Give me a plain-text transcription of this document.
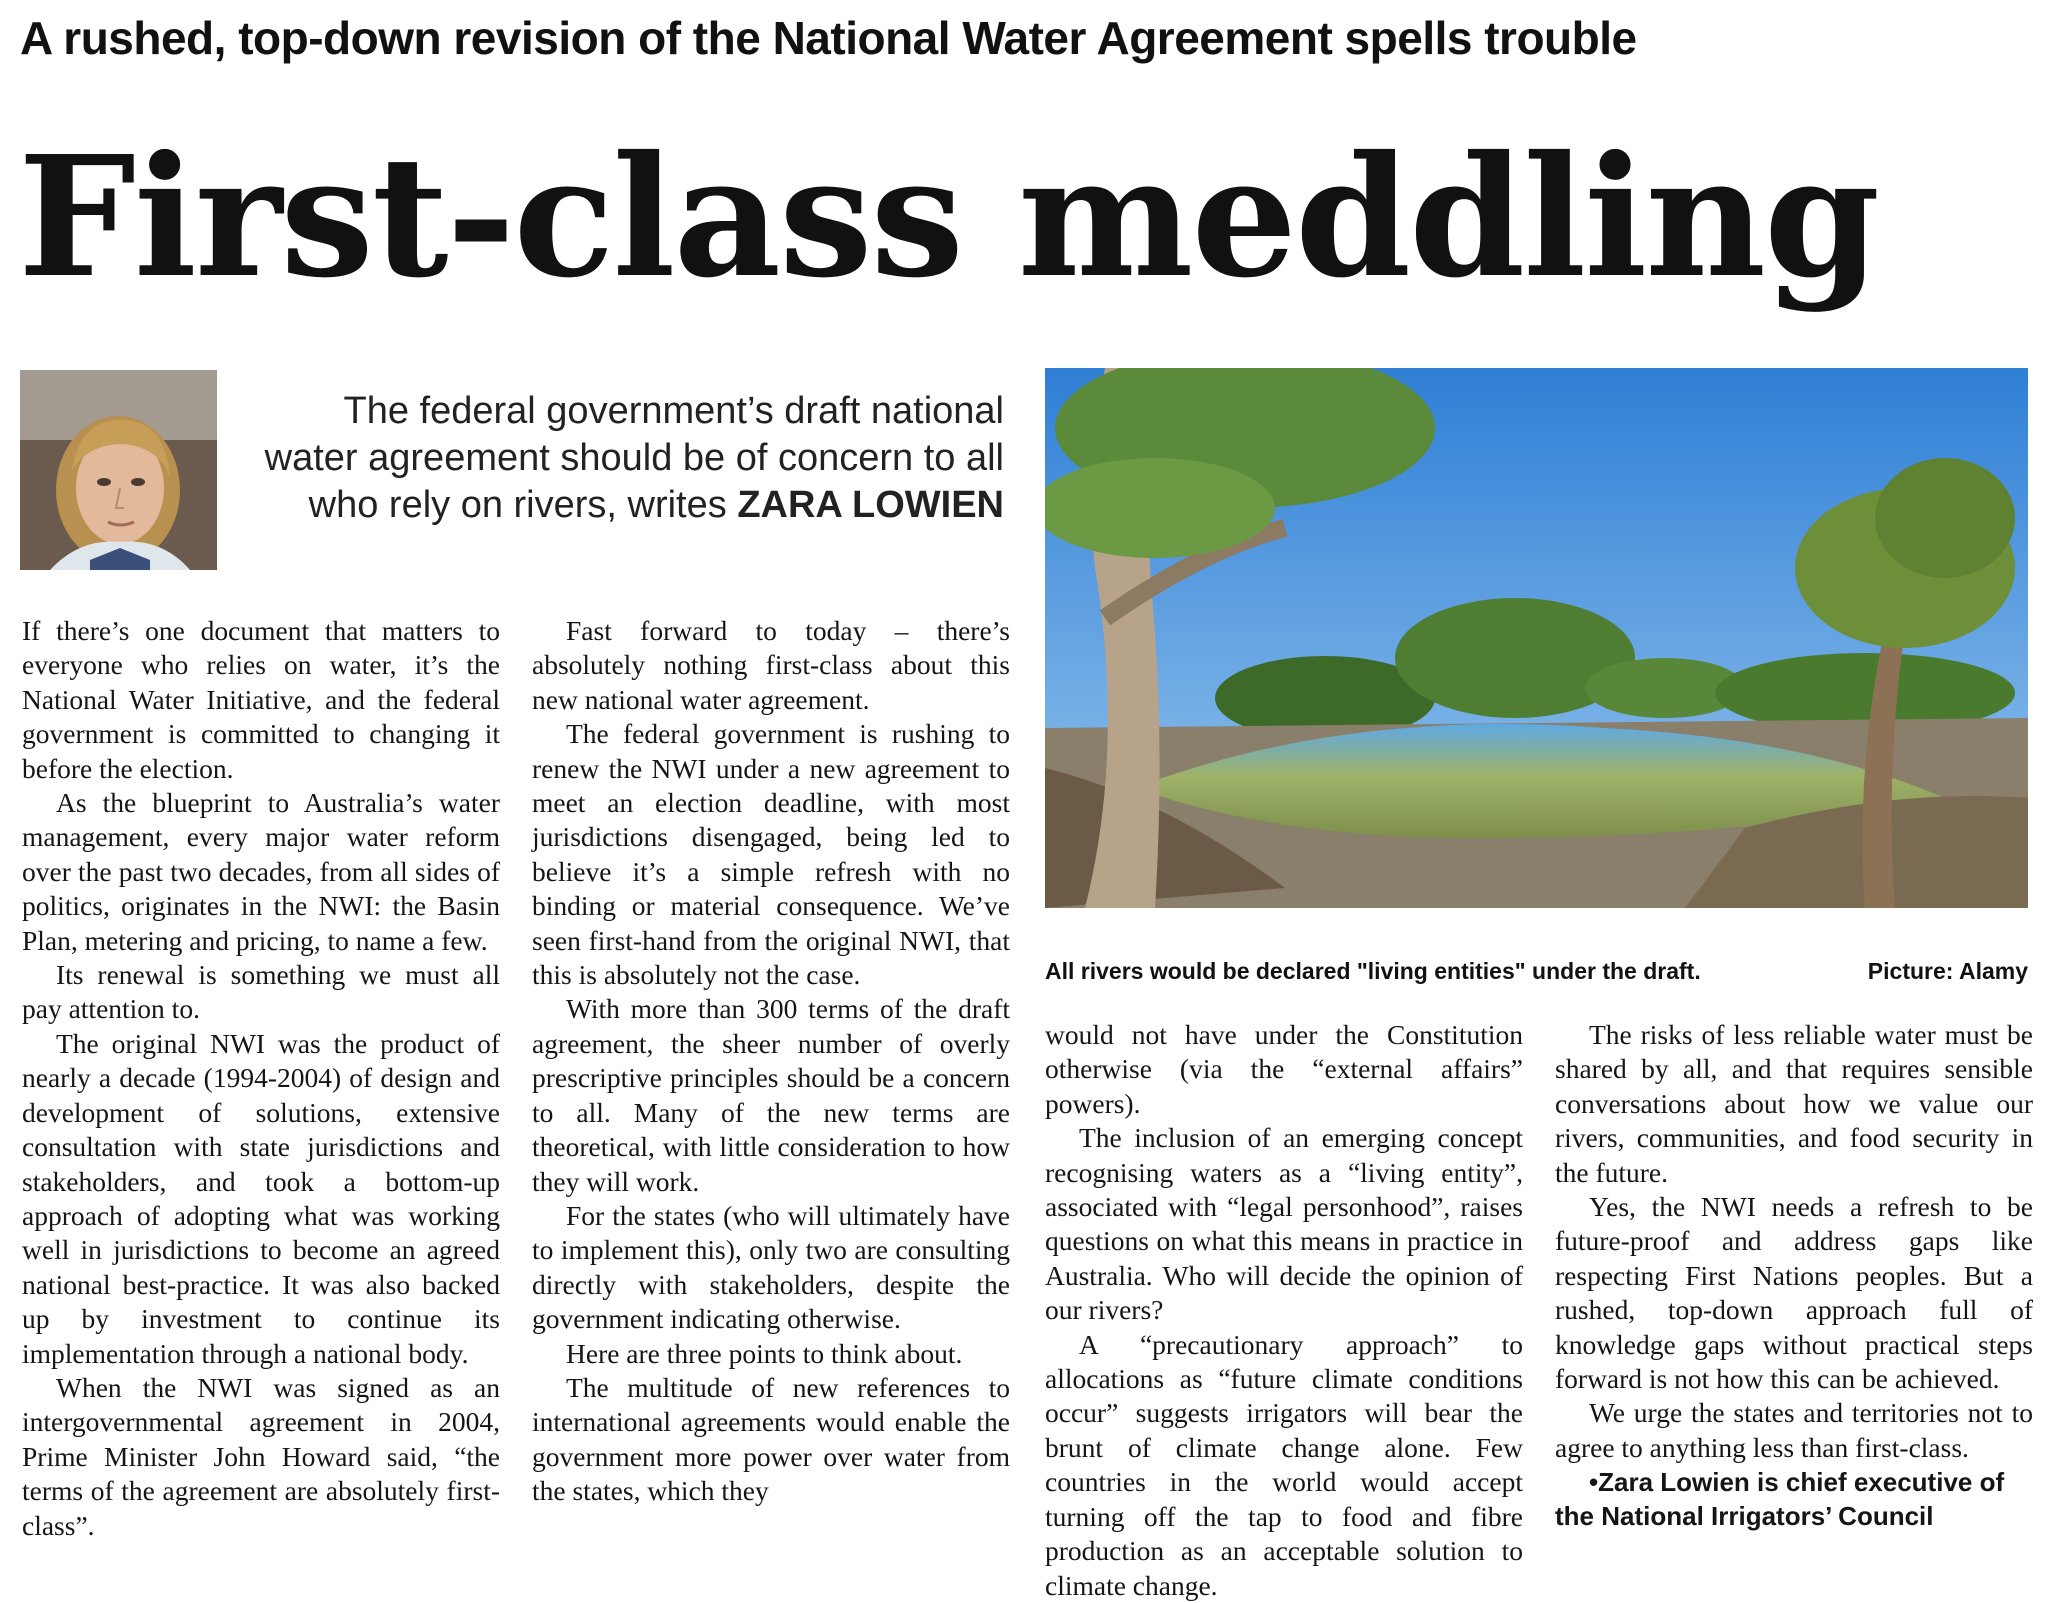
A rushed, top-down revision of the National Water Agreement spells trouble
First-class meddling
The federal government’s draft national water agreement should be of concern to all who rely on rivers, writes ZARA LOWIEN
All rivers would be declared "living entities" under the draft.	Picture: Alamy

If there’s one document that matters to everyone who relies on water, it’s the National Water Initiative, and the federal government is committed to changing it before the election.

As the blueprint to Australia’s water management, every major water reform over the past two decades, from all sides of politics, originates in the NWI: the Basin Plan, metering and pricing, to name a few.

Its renewal is something we must all pay attention to.

The original NWI was the product of nearly a decade (1994-2004) of design and development of solutions, extensive consultation with state jurisdictions and stakeholders, and took a bottom-up approach of adopting what was working well in jurisdictions to become an agreed national best-practice. It was also backed up by investment to continue its implementation through a national body.

When the NWI was signed as an intergovernmental agreement in 2004, Prime Minister John Howard said, “the terms of the agreement are absolutely first-class”.

Fast forward to today – there’s absolutely nothing first-class about this new national water agreement.

The federal government is rushing to renew the NWI under a new agreement to meet an election deadline, with most jurisdictions disengaged, being led to believe it’s a simple refresh with no binding or material consequence. We’ve seen first-hand from the original NWI, that this is absolutely not the case.

With more than 300 terms of the draft agreement, the sheer number of overly prescriptive principles should be a concern to all. Many of the new terms are theoretical, with little consideration to how they will work.

For the states (who will ultimately have to implement this), only two are consulting directly with stakeholders, despite the government indicating otherwise.

Here are three points to think about.

The multitude of new references to international agreements would enable the government more power over water from the states, which they

would not have under the Constitution otherwise (via the “external affairs” powers).

The inclusion of an emerging concept recognising waters as a “living entity”, associated with “legal personhood”, raises questions on what this means in practice in Australia. Who will decide the opinion of our rivers?

A “precautionary approach” to allocations as “future climate conditions occur” suggests irrigators will bear the brunt of climate change alone. Few countries in the world would accept turning off the tap to food and fibre production as an acceptable solution to climate change.

The risks of less reliable water must be shared by all, and that requires sensible conversations about how we value our rivers, communities, and food security in the future.

Yes, the NWI needs a refresh to be future-proof and address gaps like respecting First Nations peoples. But a rushed, top-down approach full of knowledge gaps without practical steps forward is not how this can be achieved.

We urge the states and territories not to agree to anything less than first-class.

•Zara Lowien is chief executive of the National Irrigators’ Council
